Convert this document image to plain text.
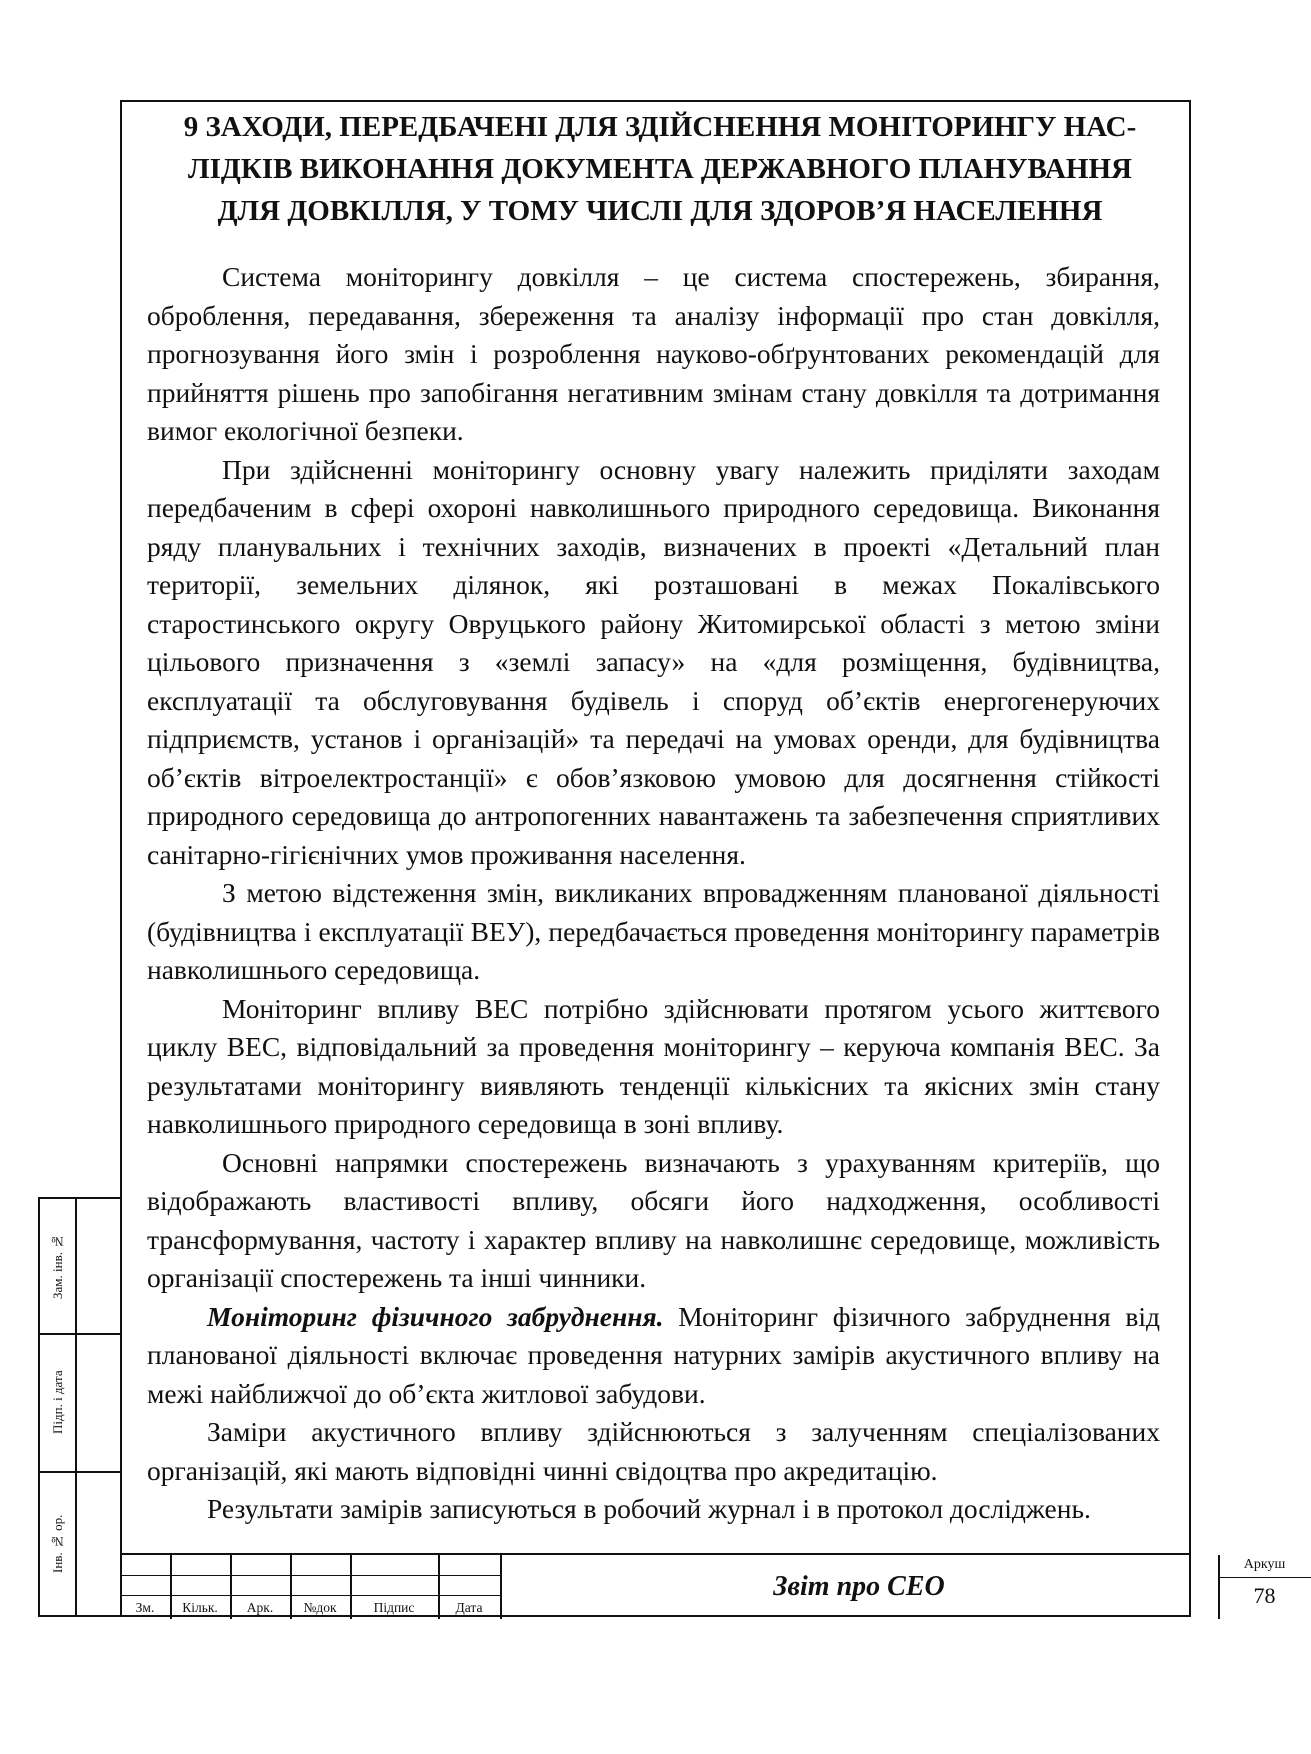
9 ЗАХОДИ, ПЕРЕДБАЧЕНІ ДЛЯ ЗДІЙСНЕННЯ МОНІТОРИНГУ НАС-
ЛІДКІВ ВИКОНАННЯ ДОКУМЕНТА ДЕРЖАВНОГО ПЛАНУВАННЯ
ДЛЯ ДОВКІЛЛЯ, У ТОМУ ЧИСЛІ ДЛЯ ЗДОРОВ’Я НАСЕЛЕННЯ

Система моніторингу довкілля – це система спостережень, збирання, оброблення, передавання, збереження та аналізу інформації про стан довкілля, прогнозування його змін і розроблення науково-обґрунтованих рекомендацій для прийняття рішень про запобігання негативним змінам стану довкілля та дотримання вимог екологічної безпеки.

При здійсненні моніторингу основну увагу належить приділяти заходам передбаченим в сфері охороні навколишнього природного середовища. Виконання ряду планувальних і технічних заходів, визначених в проекті «Детальний план території, земельних ділянок, які розташовані в межах Покалівського старостинського округу Овруцького району Житомирської області з метою зміни цільового призначення з «землі запасу» на «для розміщення, будівництва, експлуатації та обслуговування будівель і споруд об’єктів енергогенеруючих підприємств, установ і організацій» та передачі на умовах оренди, для будівництва об’єктів вітроелектростанції» є обов’язковою умовою для досягнення стійкості природного середовища до антропогенних навантажень та забезпечення сприятливих санітарно-гігієнічних умов проживання населення.

З метою відстеження змін, викликаних впровадженням планованої діяльності (будівництва і експлуатації ВЕУ), передбачається проведення моніторингу параметрів навколишнього середовища.

Моніторинг впливу ВЕС потрібно здійснювати протягом усього життєвого циклу ВЕС, відповідальний за проведення моніторингу – керуюча компанія ВЕС. За результатами моніторингу виявляють тенденції кількісних та якісних змін стану навколишнього природного середовища в зоні впливу.

Основні напрямки спостережень визначають з урахуванням критеріїв, що відображають властивості впливу, обсяги його надходження, особливості трансформування, частоту і характер впливу на навколишнє середовище, можливість організації спостережень та інші чинники.

Моніторинг фізичного забруднення. Моніторинг фізичного забруднення від планованої діяльності включає проведення натурних замірів акустичного впливу на межі найближчої до об’єкта житлової забудови.

Заміри акустичного впливу здійснюються з залученням спеціалізованих організацій, які мають відповідні чинні свідоцтва про акредитацію.

Результати замірів записуються в робочий журнал і в протокол досліджень.

Зам. інв. №
Підп. і дата
Інв. № ор.
Зм.	Кільк.	Арк.	№док	Підпис	Дата
Звіт про СЕО
Аркуш
78
